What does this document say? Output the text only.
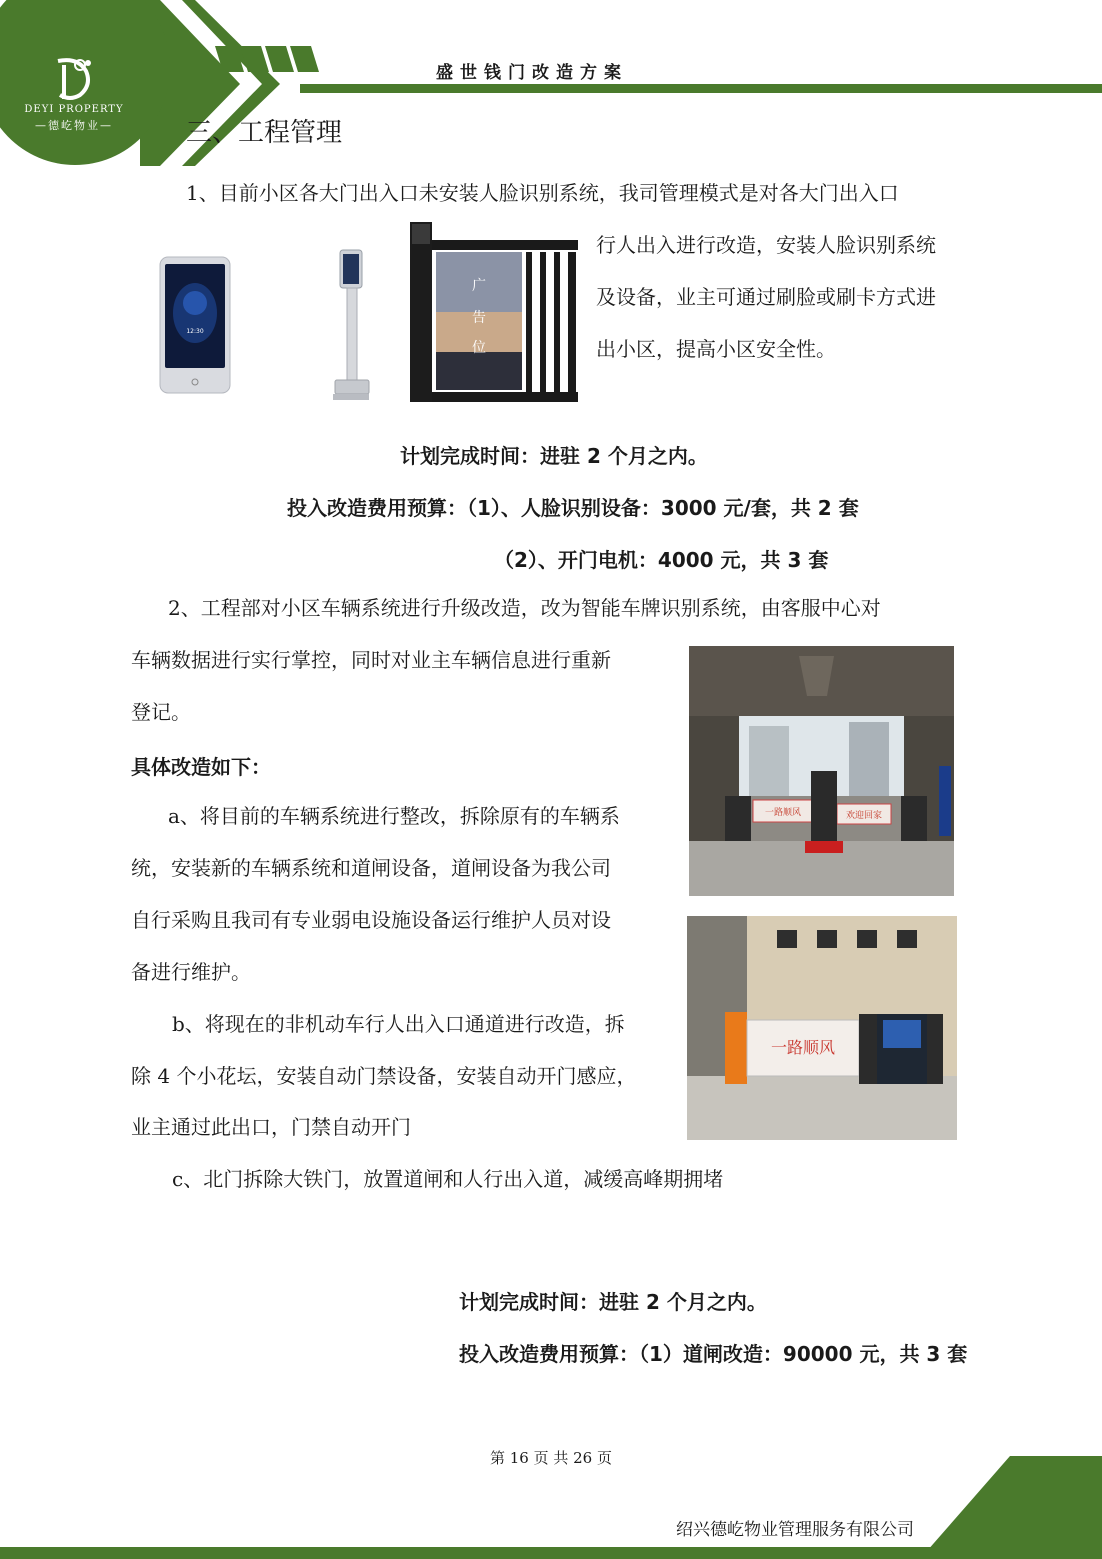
DEYI PROPERTY
—德屹物业—
盛世钱门改造方案
三、工程管理
1、目前小区各大门出入口未安装人脸识别系统，我司管理模式是对各大门出入口
行人出入进行改造，安装人脸识别系统
及设备，业主可通过刷脸或刷卡方式进
出小区，提高小区安全性。
12:30
广
告
位
计划完成时间：进驻 2 个月之内。
投入改造费用预算：（1）、人脸识别设备：3000 元/套，共 2 套
（2）、开门电机：4000 元，共 3 套
2、工程部对小区车辆系统进行升级改造，改为智能车牌识别系统，由客服中心对
车辆数据进行实行掌控，同时对业主车辆信息进行重新
登记。
具体改造如下：
a、将目前的车辆系统进行整改，拆除原有的车辆系
统，安装新的车辆系统和道闸设备，道闸设备为我公司
自行采购且我司有专业弱电设施设备运行维护人员对设
备进行维护。
b、将现在的非机动车行人出入口通道进行改造，拆
除 4 个小花坛，安装自动门禁设备，安装自动开门感应，
业主通过此出口，门禁自动开门
c、北门拆除大铁门，放置道闸和人行出入道，减缓高峰期拥堵
一路顺风	欢迎回家
一路顺风
计划完成时间：进驻 2 个月之内。
投入改造费用预算：（1）道闸改造：90000 元，共 3 套
第 16 页 共 26 页
绍兴德屹物业管理服务有限公司
